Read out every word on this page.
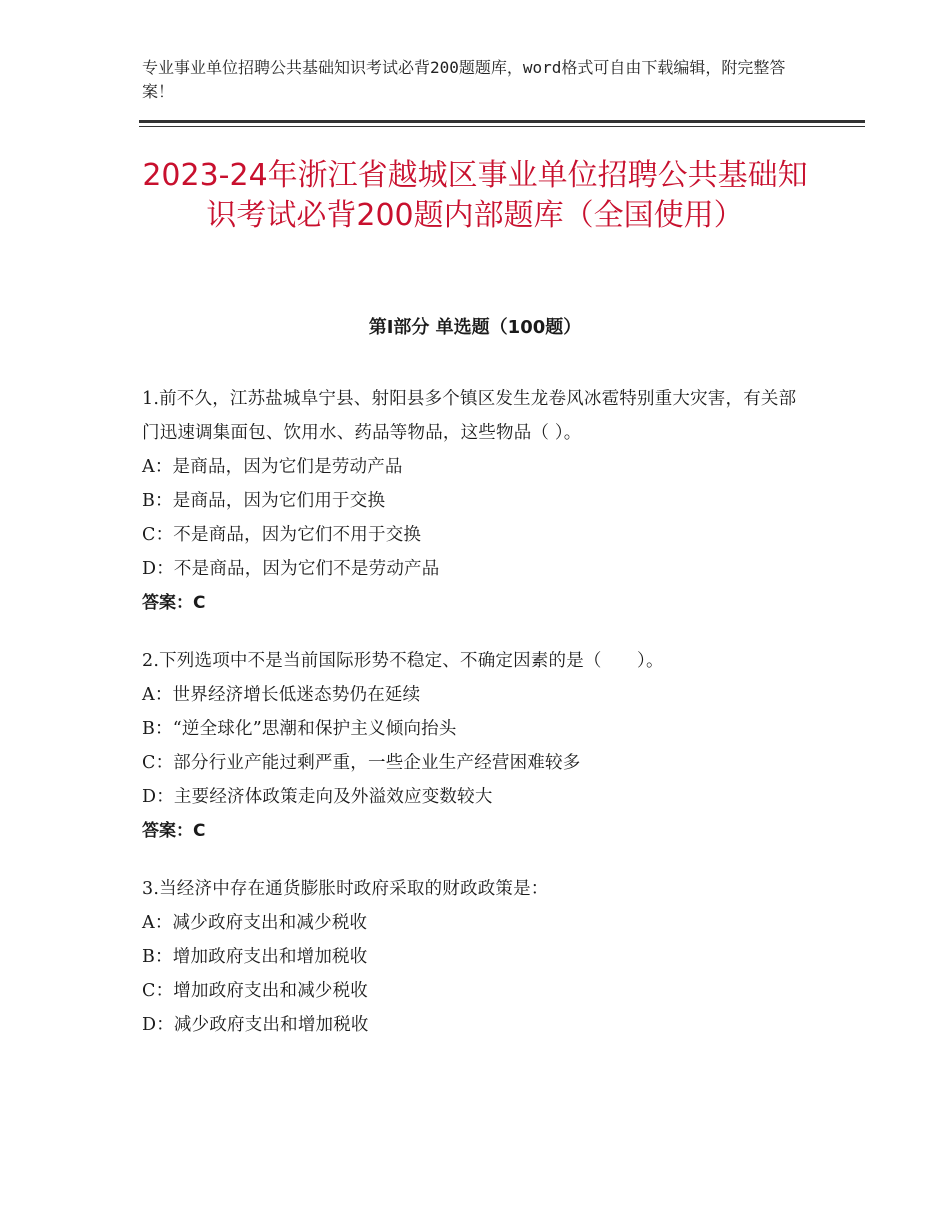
专业事业单位招聘公共基础知识考试必背200题题库，word格式可自由下载编辑，附完整答案！
2023-24年浙江省越城区事业单位招聘公共基础知识考试必背200题内部题库（全国使用）
第Ⅰ部分 单选题（100题）

1.前不久，江苏盐城阜宁县、射阳县多个镇区发生龙卷风冰雹特别重大灾害，有关部门迅速调集面包、饮用水、药品等物品，这些物品（ ）。

A：是商品，因为它们是劳动产品

B：是商品，因为它们用于交换

C：不是商品，因为它们不用于交换

D：不是商品，因为它们不是劳动产品

答案：C

2.下列选项中不是当前国际形势不稳定、不确定因素的是（　　）。

A：世界经济增长低迷态势仍在延续

B：“逆全球化”思潮和保护主义倾向抬头

C：部分行业产能过剩严重，一些企业生产经营困难较多

D：主要经济体政策走向及外溢效应变数较大

答案：C

3.当经济中存在通货膨胀时政府采取的财政政策是：

A：减少政府支出和减少税收

B：增加政府支出和增加税收

C：增加政府支出和减少税收

D：减少政府支出和增加税收
